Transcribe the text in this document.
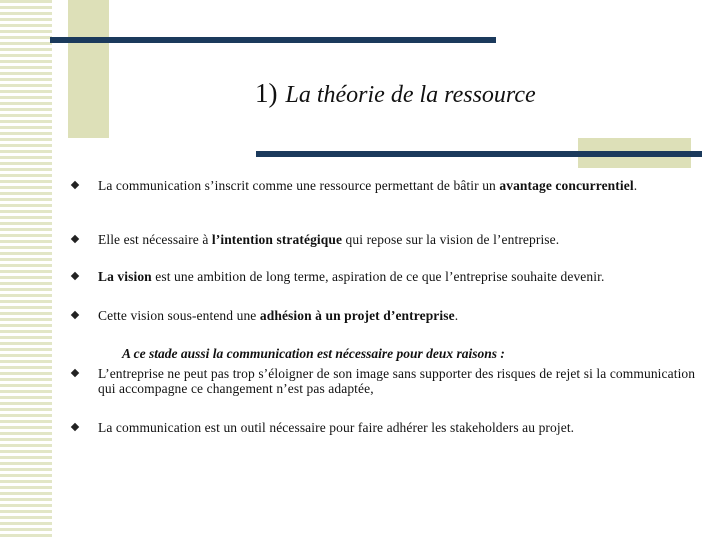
1) La théorie de la ressource
La communication s’inscrit comme une ressource permettant de bâtir un avantage concurrentiel.
Elle est nécessaire à l’intention stratégique qui repose sur la vision de l’entreprise.
La vision est une ambition de long terme, aspiration de ce que l’entreprise souhaite devenir.
Cette vision sous-entend une adhésion à un projet d’entreprise.
A ce stade aussi la communication est nécessaire pour deux raisons :
L’entreprise ne peut pas trop s’éloigner de son image sans supporter des risques de rejet si la communication qui accompagne ce changement n’est pas adaptée,
La communication est un outil nécessaire pour faire adhérer les stakeholders au projet.
